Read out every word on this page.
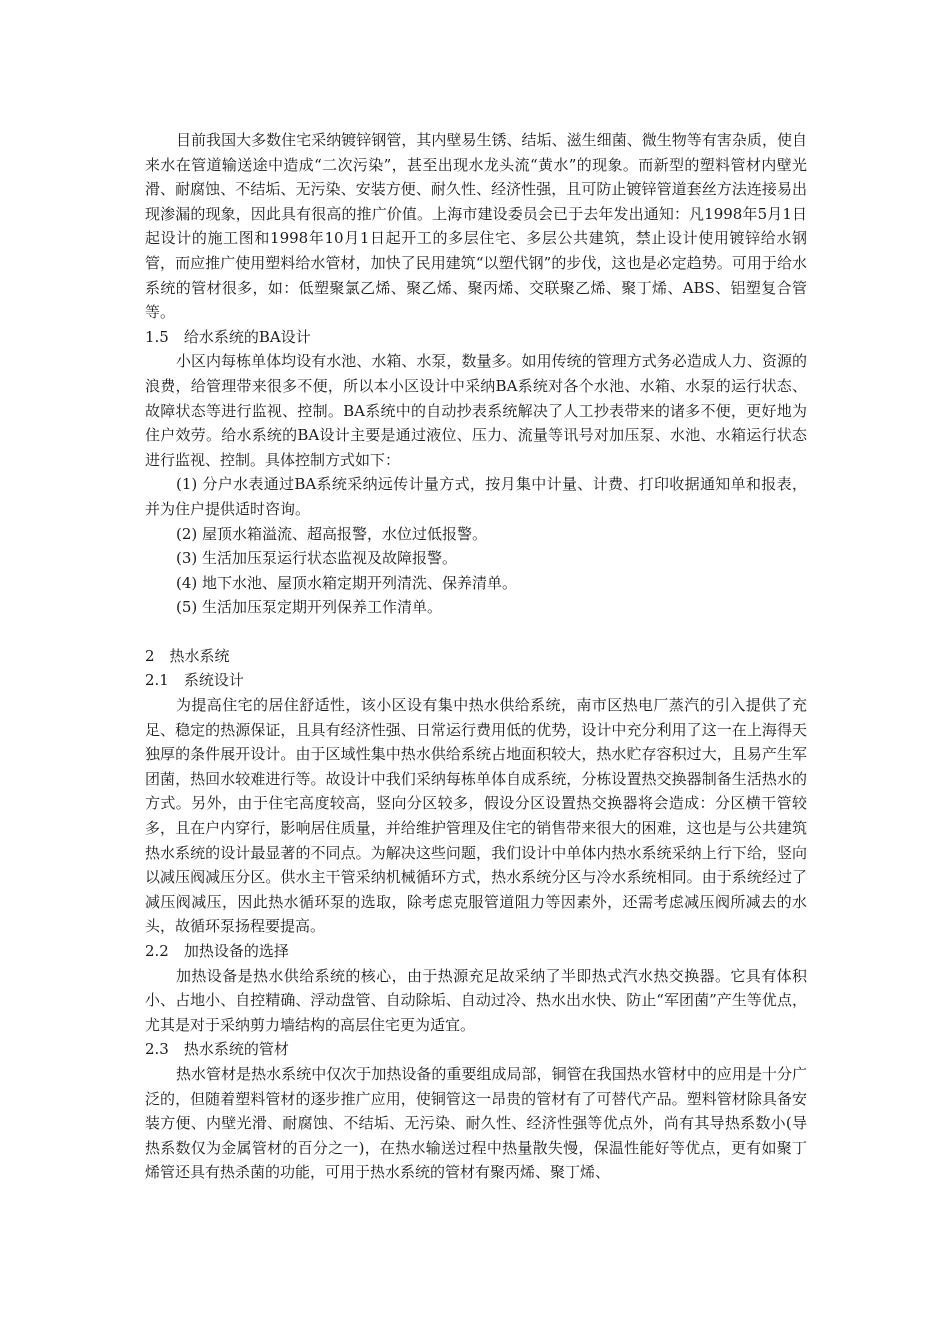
目前我国大多数住宅采纳镀锌钢管，其内壁易生锈、结垢、滋生细菌、微生物等有害杂质，使自来水在管道输送途中造成“二次污染”，甚至出现水龙头流“黄水”的现象。而新型的塑料管材内壁光滑、耐腐蚀、不结垢、无污染、安装方便、耐久性、经济性强，且可防止镀锌管道套丝方法连接易出现渗漏的现象，因此具有很高的推广价值。上海市建设委员会已于去年发出通知：凡1998年5月1日起设计的施工图和1998年10月1日起开工的多层住宅、多层公共建筑，禁止设计使用镀锌给水钢管，而应推广使用塑料给水管材，加快了民用建筑“以塑代钢”的步伐，这也是必定趋势。可用于给水系统的管材很多，如：低塑聚氯乙烯、聚乙烯、聚丙烯、交联聚乙烯、聚丁烯、ABS、铝塑复合管等。

1.5　给水系统的BA设计

小区内每栋单体均设有水池、水箱、水泵，数量多。如用传统的管理方式务必造成人力、资源的浪费，给管理带来很多不便，所以本小区设计中采纳BA系统对各个水池、水箱、水泵的运行状态、故障状态等进行监视、控制。BA系统中的自动抄表系统解决了人工抄表带来的诸多不便，更好地为住户效劳。给水系统的BA设计主要是通过液位、压力、流量等讯号对加压泵、水池、水箱运行状态进行监视、控制。具体控制方式如下：

(1) 分户水表通过BA系统采纳远传计量方式，按月集中计量、计费、打印收据通知单和报表，并为住户提供适时咨询。

(2) 屋顶水箱溢流、超高报警，水位过低报警。

(3) 生活加压泵运行状态监视及故障报警。

(4) 地下水池、屋顶水箱定期开列清洗、保养清单。

(5) 生活加压泵定期开列保养工作清单。

2　热水系统

2.1　系统设计

为提高住宅的居住舒适性，该小区设有集中热水供给系统，南市区热电厂蒸汽的引入提供了充足、稳定的热源保证，且具有经济性强、日常运行费用低的优势，设计中充分利用了这一在上海得天独厚的条件展开设计。由于区域性集中热水供给系统占地面积较大，热水贮存容积过大，且易产生军团菌，热回水较难进行等。故设计中我们采纳每栋单体自成系统，分栋设置热交换器制备生活热水的方式。另外，由于住宅高度较高，竖向分区较多，假设分区设置热交换器将会造成：分区横干管较多，且在户内穿行，影响居住质量，并给维护管理及住宅的销售带来很大的困难，这也是与公共建筑热水系统的设计最显著的不同点。为解决这些问题，我们设计中单体内热水系统采纳上行下给，竖向以减压阀减压分区。供水主干管采纳机械循环方式，热水系统分区与冷水系统相同。由于系统经过了减压阀减压，因此热水循环泵的选取，除考虑克服管道阻力等因素外，还需考虑减压阀所减去的水头，故循环泵扬程要提高。

2.2　加热设备的选择

加热设备是热水供给系统的核心，由于热源充足故采纳了半即热式汽水热交换器。它具有体积小、占地小、自控精确、浮动盘管、自动除垢、自动过冷、热水出水快、防止“军团菌”产生等优点，尤其是对于采纳剪力墙结构的高层住宅更为适宜。

2.3　热水系统的管材

热水管材是热水系统中仅次于加热设备的重要组成局部，铜管在我国热水管材中的应用是十分广泛的，但随着塑料管材的逐步推广应用，使铜管这一昂贵的管材有了可替代产品。塑料管材除具备安装方便、内壁光滑、耐腐蚀、不结垢、无污染、耐久性、经济性强等优点外，尚有其导热系数小(导热系数仅为金属管材的百分之一)，在热水输送过程中热量散失慢，保温性能好等优点，更有如聚丁烯管还具有热杀菌的功能，可用于热水系统的管材有聚丙烯、聚丁烯、
